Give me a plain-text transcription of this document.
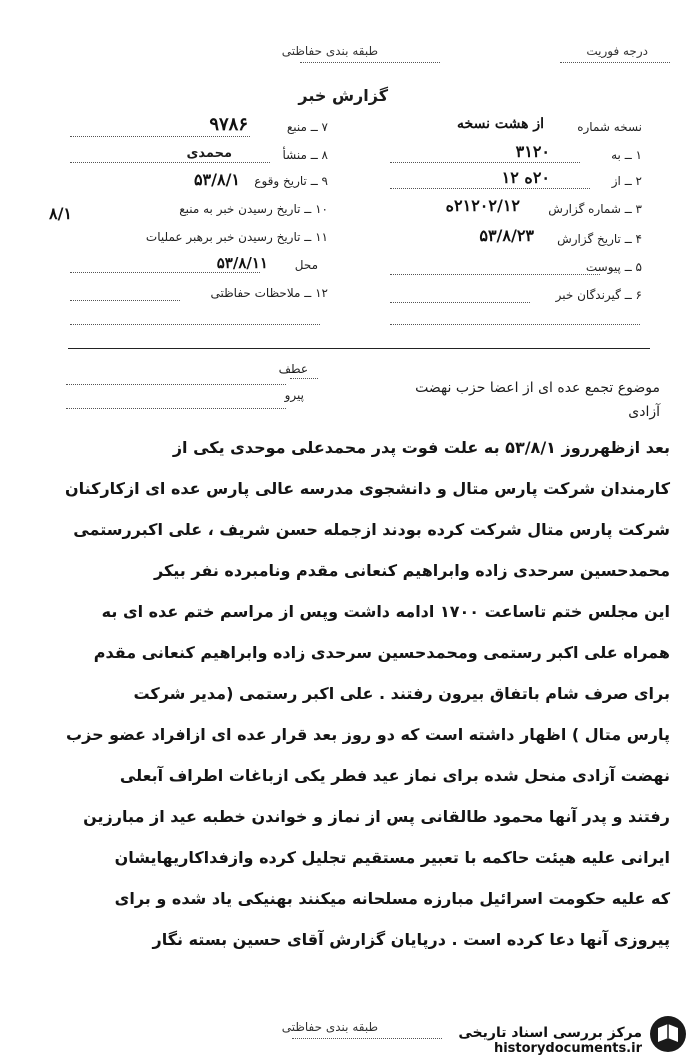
درجه فوریت
طبقه بندی حفاظتی
گزارش خبر
نسخه شماره
از هشت نسخه
۱ ــ به
۳۱۲۰
۲ ــ از
۲۰ه ۱۲
۳ ــ شماره گزارش
۲۱۲۰۲/۱۲ه
۴ ــ تاریخ گزارش
۵۳/۸/۲۳
۵ ــ پیوست
۶ ــ گیرندگان خبر
۷ ــ منبع
۹۷۸۶
۸ ــ منشأ
محمدی
۹ ــ تاریخ وقوع
۵۳/۸/۱
۱۰ ــ تاریخ رسیدن خبر به منبع
۸/۱
۱۱ ــ تاریخ رسیدن خبر برهبر عملیات
محل
۵۳/۸/۱۱
۱۲ ــ ملاحظات حفاظتی
عطف
پیرو	موضوع تجمع عده ای از اعضا حزب نهضت
آزادی
بعد ازظهرروز ۵۳/۸/۱ به علت فوت پدر محمدعلی موحدی یکی از
کارمندان شرکت پارس متال و دانشجوی مدرسه عالی پارس عده ای ازکارکنان
شرکت پارس متال شرکت کرده بودند ازجمله حسن شریف ، علی اکبررستمی
محمدحسین سرحدی زاده وابراهیم کنعانی مقدم ونامبرده نفر بیکر
این مجلس ختم تاساعت ۱۷۰۰ ادامه داشت وپس از مراسم ختم عده ای به
همراه علی اکبر رستمی ومحمدحسین سرحدی زاده وابراهیم کنعانی مقدم
برای صرف شام باتفاق بیرون رفتند . علی اکبر رستمی (مدیر شرکت
پارس متال ) اظهار داشته است که دو روز بعد قرار عده ای ازافراد عضو حزب
نهضت آزادی منحل شده برای نماز عید فطر یکی ازباغات اطراف آبعلی
رفتند و پدر آنها محمود طالقانی پس از نماز و خواندن خطبه عید از مبارزین
ایرانی علیه هیئت حاکمه با تعبیر مستقیم تجلیل کرده وازفداکاریهایشان
که علیه حکومت اسرائیل مبارزه مسلحانه میکنند بهنیکی یاد شده و برای
پیروزی آنها دعا کرده است . درپایان گزارش آقای حسین بسته نگار
طبقه بندی حفاظتی	مرکز بررسی اسناد تاریخی
historydocuments.ir
